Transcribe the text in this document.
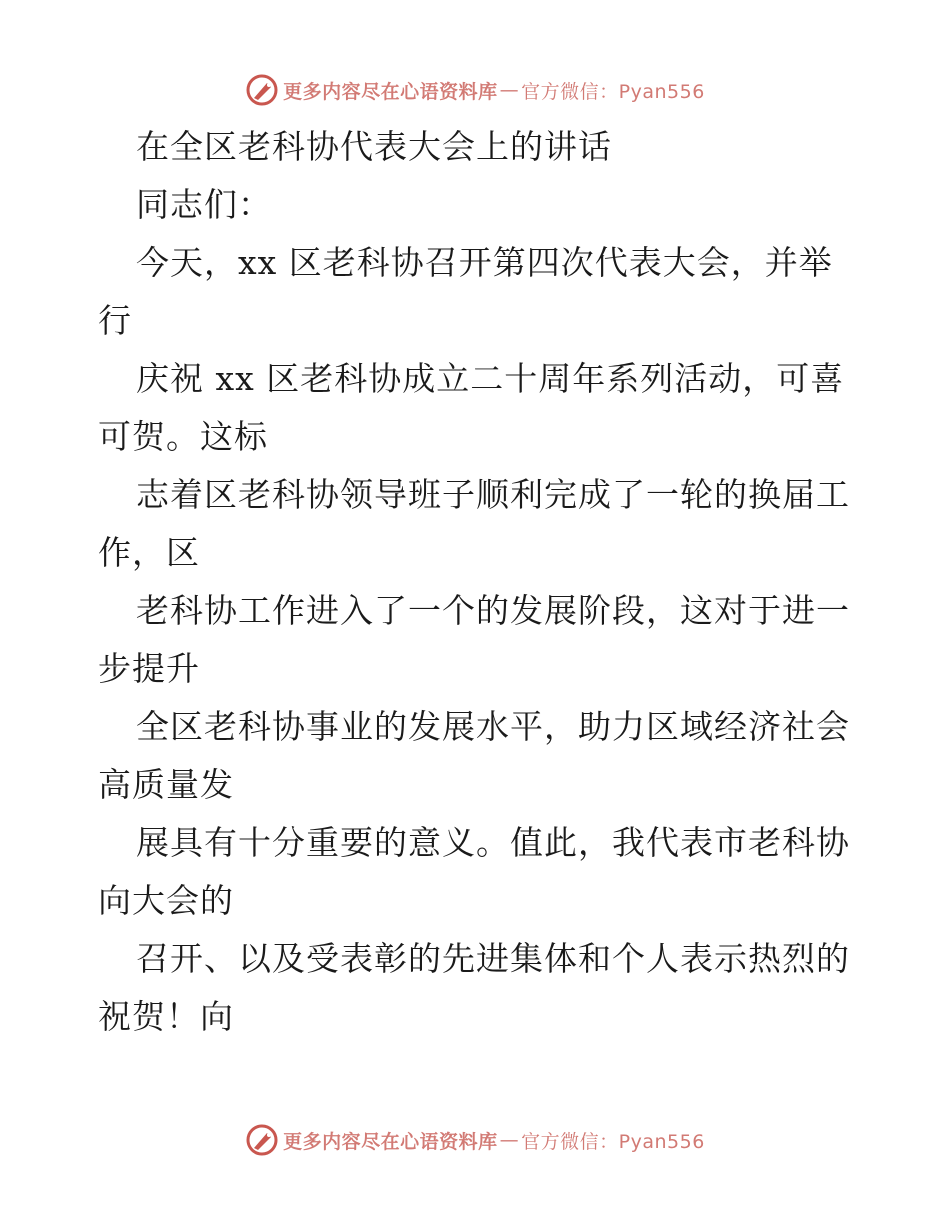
更多内容尽在心语资料库 — 官方微信：Pyan556
在全区老科协代表大会上的讲话
同志们：
今天，xx 区老科协召开第四次代表大会，并举
行
庆祝 xx 区老科协成立二十周年系列活动，可喜
可贺。这标
志着区老科协领导班子顺利完成了一轮的换届工
作，区
老科协工作进入了一个的发展阶段，这对于进一
步提升
全区老科协事业的发展水平，助力区域经济社会
高质量发
展具有十分重要的意义。值此，我代表市老科协
向大会的
召开、以及受表彰的先进集体和个人表示热烈的
祝贺！向
更多内容尽在心语资料库 — 官方微信：Pyan556
